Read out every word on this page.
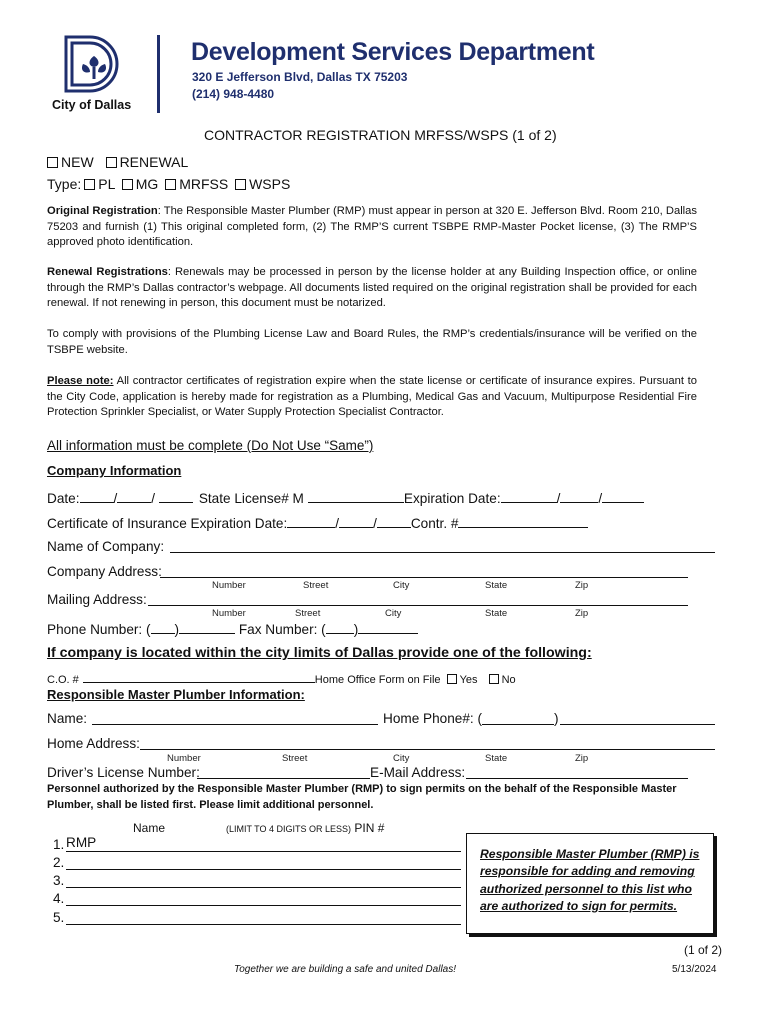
City of Dallas
Development Services Department
320 E Jefferson Blvd, Dallas TX 75203
(214) 948-4480
CONTRACTOR REGISTRATION MRFSS/WSPS (1 of 2)
NEW RENEWAL
Type: PL MG MRFSS WSPS
Original Registration: The Responsible Master Plumber (RMP) must appear in person at 320 E. Jefferson Blvd. Room 210, Dallas 75203 and furnish (1) This original completed form, (2) The RMP’S current TSBPE RMP-Master Pocket license, (3) The RMP’S approved photo identification.
Renewal Registrations: Renewals may be processed in person by the license holder at any Building Inspection office, or online through the RMP’s Dallas contractor’s webpage. All documents listed required on the original registration shall be provided for each renewal. If not renewing in person, this document must be notarized.
To comply with provisions of the Plumbing License Law and Board Rules, the RMP’s credentials/insurance will be verified on the TSBPE website.
Please note: All contractor certificates of registration expire when the state license or certificate of insurance expires. Pursuant to the City Code, application is hereby made for registration as a Plumbing, Medical Gas and Vacuum, Multipurpose Residential Fire Protection Sprinkler Specialist, or Water Supply Protection Specialist Contractor.
All information must be complete (Do Not Use “Same”)
Company Information
Date:	/	/	State License# M	Expiration Date:	/	/
Certificate of Insurance Expiration Date:	/	/	Contr. #
Name of Company:
Company Address:
Number	Street	City	State	Zip
Mailing Address:
Number	Street	City	State	Zip
Phone Number: ( )	Fax Number: ( )
If company is located within the city limits of Dallas provide one of the following:
C.O. #	Home Office Form on File Yes No
Responsible Master Plumber Information:
Name:	Home Phone#: (	)
Home Address:
Number	Street	City	State	Zip
Driver’s License Number:	E-Mail Address:
Personnel authorized by the Responsible Master Plumber (RMP) to sign permits on the behalf of the Responsible Master Plumber, shall be listed first. Please limit additional personnel.
Name	(LIMIT TO 4 DIGITS OR LESS) PIN #
1. RMP
2.
3.
4.
5.
Responsible Master Plumber (RMP) is responsible for adding and removing authorized personnel to this list who are authorized to sign for permits.
(1 of 2)
Together we are building a safe and united Dallas!	5/13/2024
